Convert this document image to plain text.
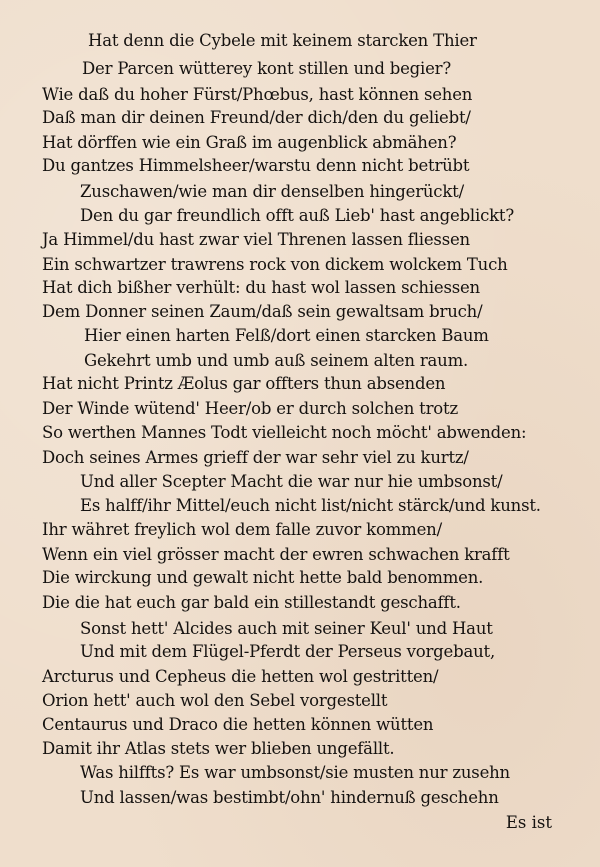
Hat denn die Cybele mit keinem starcken Thier
Der Parcen wütterey kont stillen und begier?
Wie daß du hoher Fürst/Phœbus, hast können sehen
Daß man dir deinen Freund/der dich/den du geliebt/
Hat dörffen wie ein Graß im augenblick abmähen?
Du gantzes Himmelsheer/warstu denn nicht betrübt
Zuschawen/wie man dir denselben hingerückt/
Den du gar freundlich offt auß Lieb' hast angeblickt?
Ja Himmel/du hast zwar viel Threnen lassen fliessen
Ein schwartzer trawrens rock von dickem wolckem Tuch
Hat dich bißher verhült: du hast wol lassen schiessen
Dem Donner seinen Zaum/daß sein gewaltsam bruch/
Hier einen harten Felß/dort einen starcken Baum
Gekehrt umb und umb auß seinem alten raum.
Hat nicht Printz Æolus gar offters thun absenden
Der Winde wütend' Heer/ob er durch solchen trotz
So werthen Mannes Todt vielleicht noch möcht' abwenden:
Doch seines Armes grieff der war sehr viel zu kurtz/
Und aller Scepter Macht die war nur hie umbsonst/
Es halff/ihr Mittel/euch nicht list/nicht stärck/und kunst.
Ihr währet freylich wol dem falle zuvor kommen/
Wenn ein viel grösser macht der ewren schwachen krafft
Die wirckung und gewalt nicht hette bald benommen.
Die die hat euch gar bald ein stillestandt geschafft.
Sonst hett' Alcides auch mit seiner Keul' und Haut
Und mit dem Flügel-Pferdt der Perseus vorgebaut,
Arcturus und Cepheus die hetten wol gestritten/
Orion hett' auch wol den Sebel vorgestellt
Centaurus und Draco die hetten können wütten
Damit ihr Atlas stets wer blieben ungefällt.
Was hilffts? Es war umbsonst/sie musten nur zusehn
Und lassen/was bestimbt/ohn' hindernuß geschehn
Es ist
